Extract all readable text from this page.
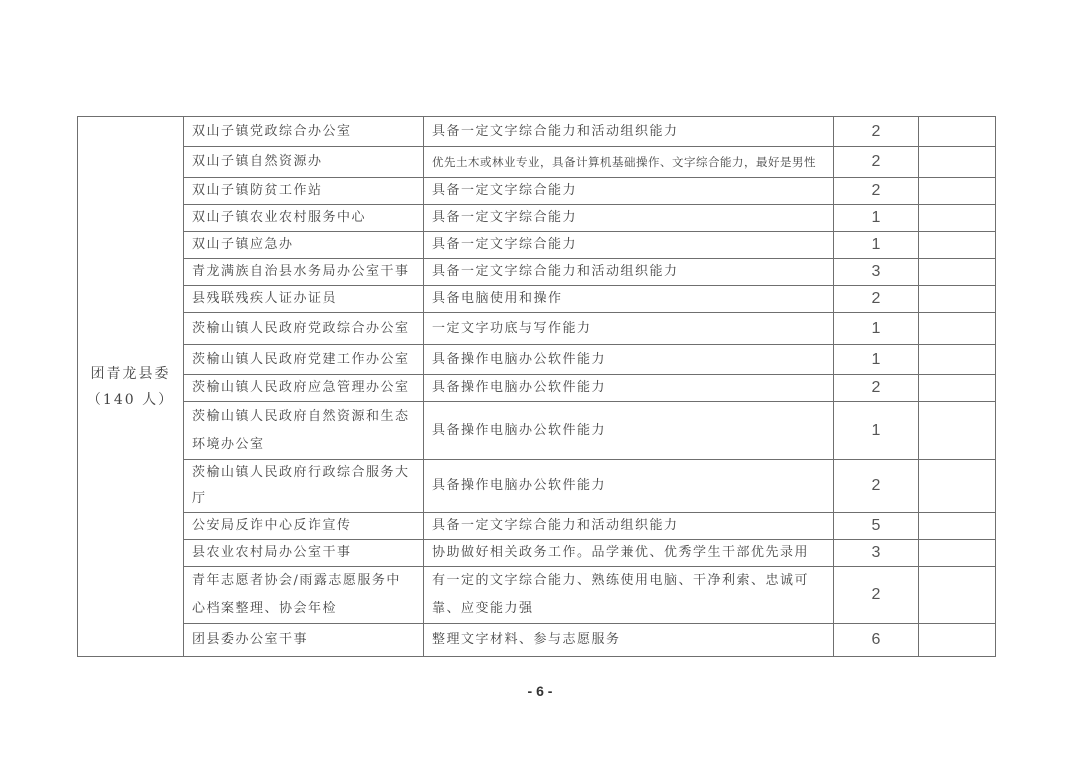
团青龙县委
（140 人）	双山子镇党政综合办公室	具备一定文字综合能力和活动组织能力	2	
	双山子镇自然资源办	优先土木或林业专业，具备计算机基础操作、文字综合能力，最好是男性	2	
	双山子镇防贫工作站	具备一定文字综合能力	2	
	双山子镇农业农村服务中心	具备一定文字综合能力	1	
	双山子镇应急办	具备一定文字综合能力	1	
	青龙满族自治县水务局办公室干事	具备一定文字综合能力和活动组织能力	3	
	县残联残疾人证办证员	具备电脑使用和操作	2	
	茨榆山镇人民政府党政综合办公室	一定文字功底与写作能力	1	
	茨榆山镇人民政府党建工作办公室	具备操作电脑办公软件能力	1	
	茨榆山镇人民政府应急管理办公室	具备操作电脑办公软件能力	2	
	茨榆山镇人民政府自然资源和生态环境办公室	具备操作电脑办公软件能力	1	
	茨榆山镇人民政府行政综合服务大厅	具备操作电脑办公软件能力	2	
	公安局反诈中心反诈宣传	具备一定文字综合能力和活动组织能力	5	
	县农业农村局办公室干事	协助做好相关政务工作。品学兼优、优秀学生干部优先录用	3	
	青年志愿者协会/雨露志愿服务中心档案整理、协会年检	有一定的文字综合能力、熟练使用电脑、干净利索、忠诚可靠、应变能力强	2	
	团县委办公室干事	整理文字材料、参与志愿服务	6	
- 6 -
